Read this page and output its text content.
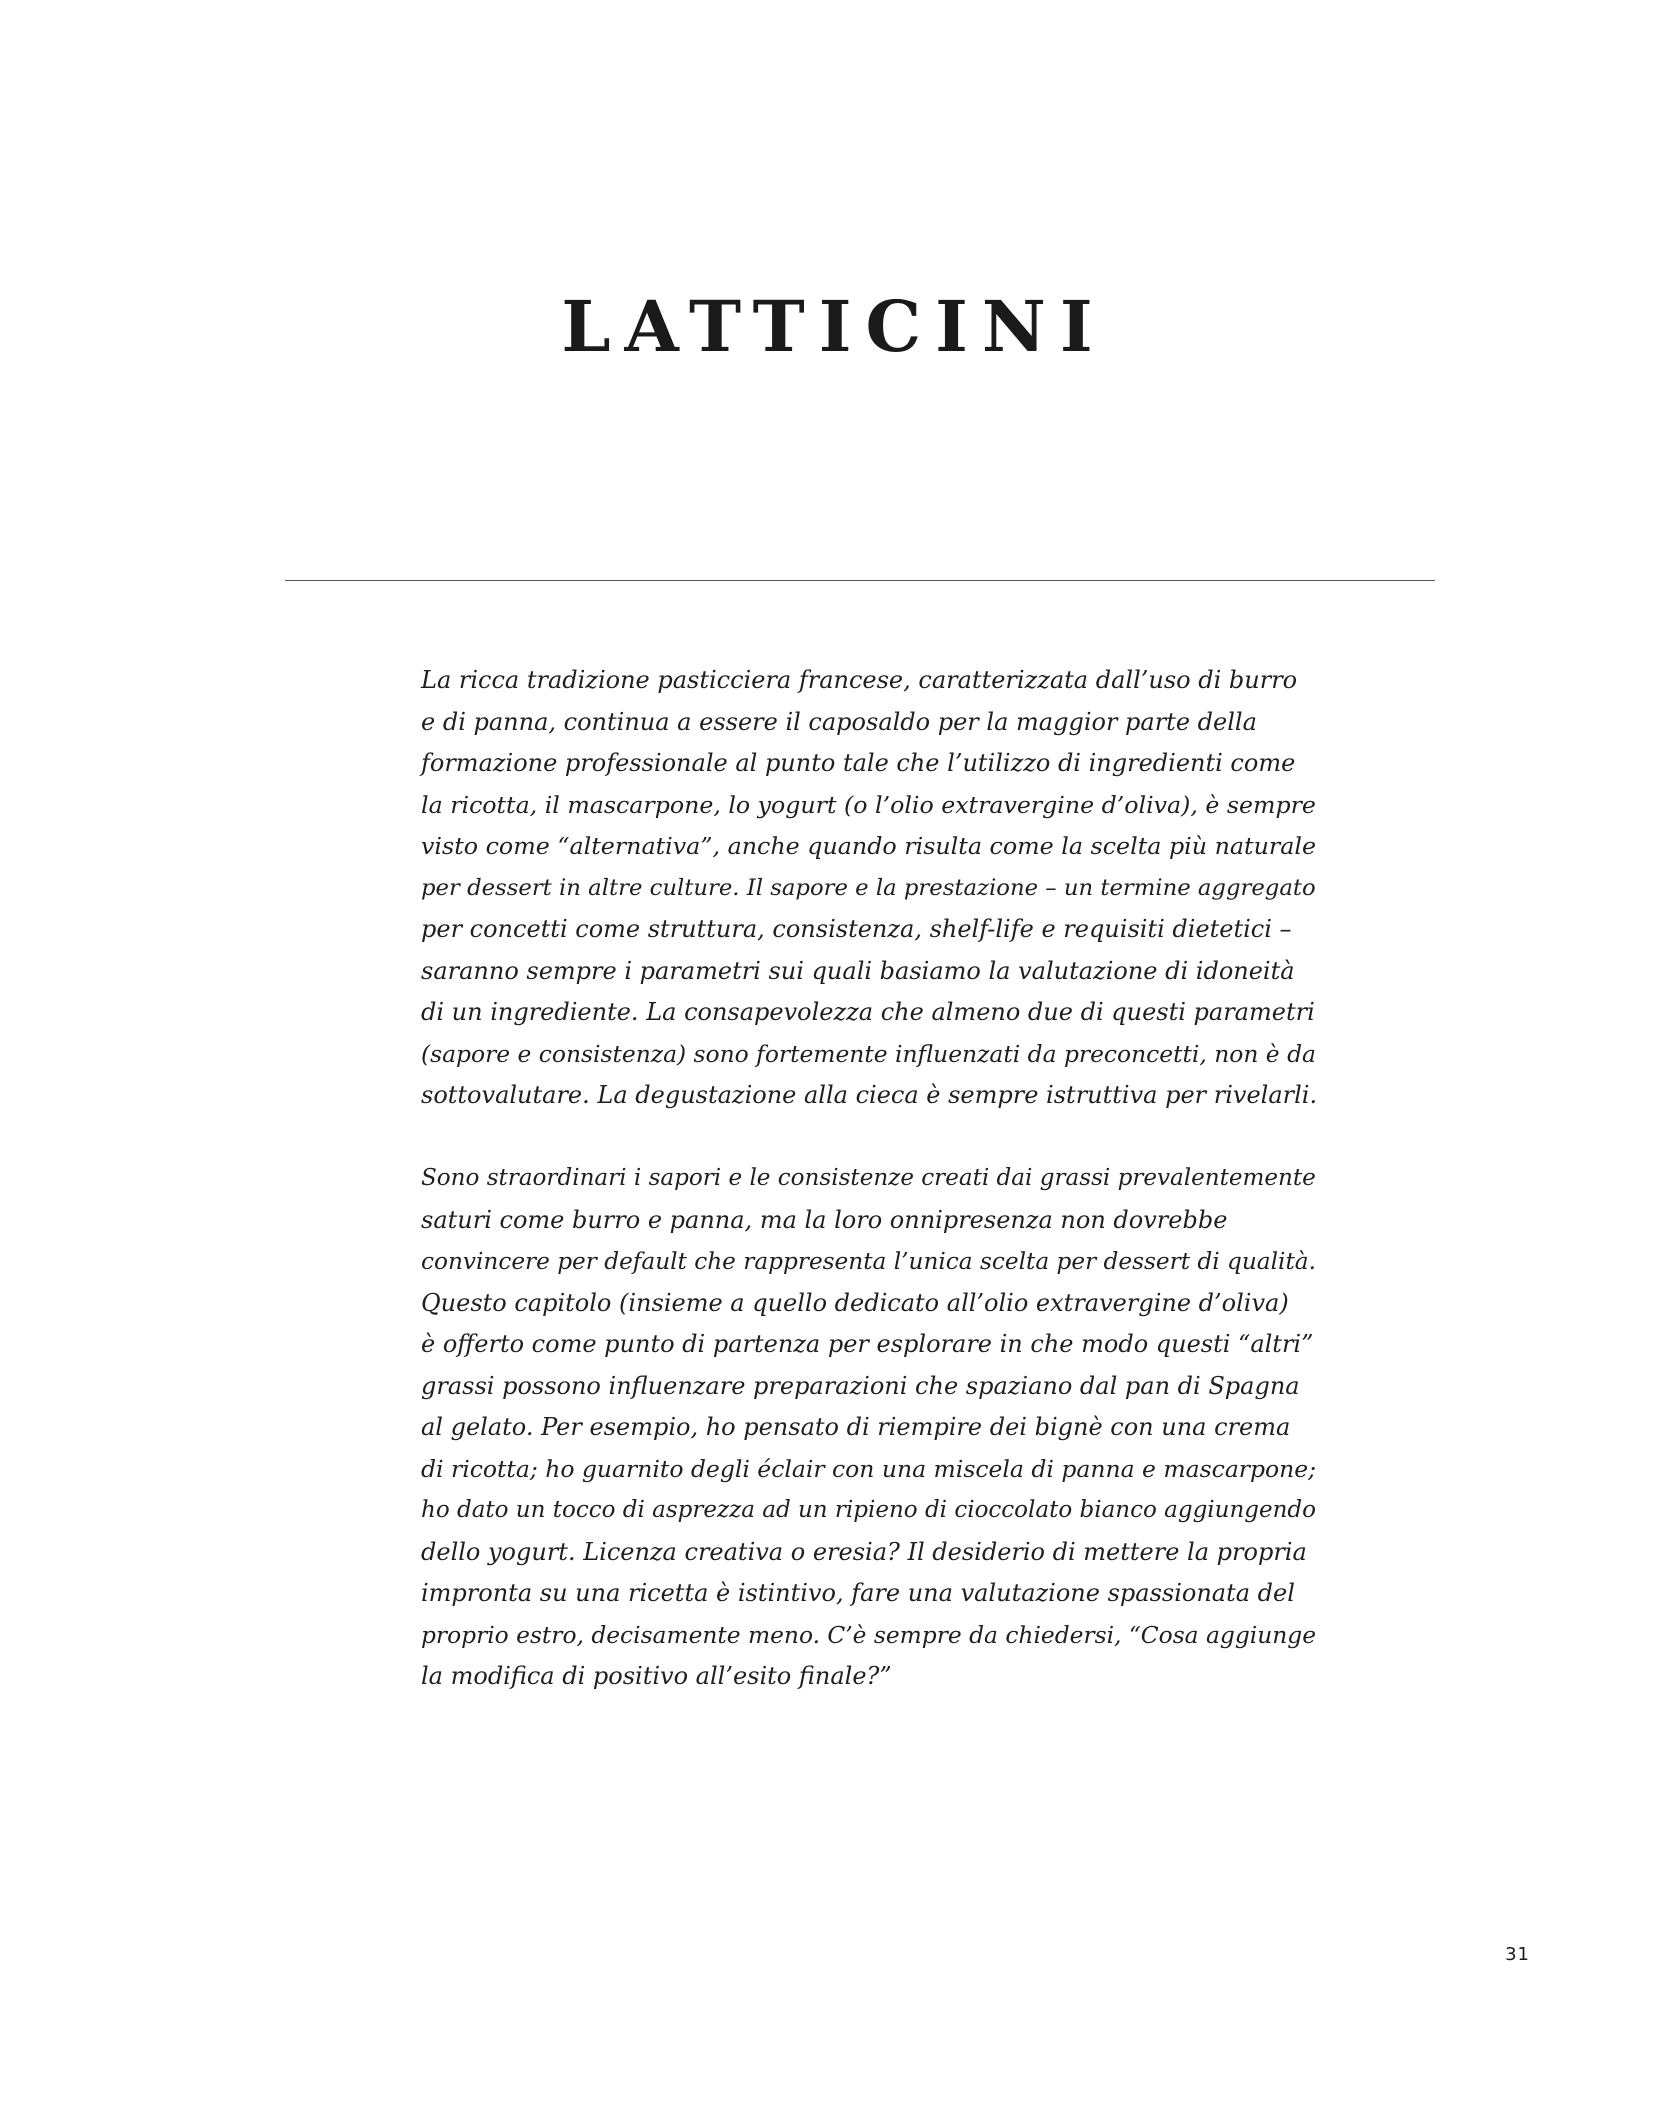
LATTICINI

La ricca tradizione pasticciera francese, caratterizzata dall’uso di burro
e di panna, continua a essere il caposaldo per la maggior parte della
formazione professionale al punto tale che l’utilizzo di ingredienti come
la ricotta, il mascarpone, lo yogurt (o l’olio extravergine d’oliva), è sempre
visto come “alternativa”, anche quando risulta come la scelta più naturale
per dessert in altre culture. Il sapore e la prestazione – un termine aggregato
per concetti come struttura, consistenza, shelf-life e requisiti dietetici –
saranno sempre i parametri sui quali basiamo la valutazione di idoneità
di un ingrediente. La consapevolezza che almeno due di questi parametri
(sapore e consistenza) sono fortemente influenzati da preconcetti, non è da
sottovalutare. La degustazione alla cieca è sempre istruttiva per rivelarli.

Sono straordinari i sapori e le consistenze creati dai grassi prevalentemente
saturi come burro e panna, ma la loro onnipresenza non dovrebbe
convincere per default che rappresenta l’unica scelta per dessert di qualità.
Questo capitolo (insieme a quello dedicato all’olio extravergine d’oliva)
è offerto come punto di partenza per esplorare in che modo questi “altri”
grassi possono influenzare preparazioni che spaziano dal pan di Spagna
al gelato. Per esempio, ho pensato di riempire dei bignè con una crema
di ricotta; ho guarnito degli éclair con una miscela di panna e mascarpone;
ho dato un tocco di asprezza ad un ripieno di cioccolato bianco aggiungendo
dello yogurt. Licenza creativa o eresia? Il desiderio di mettere la propria
impronta su una ricetta è istintivo, fare una valutazione spassionata del
proprio estro, decisamente meno. C’è sempre da chiedersi, “Cosa aggiunge
la modifica di positivo all’esito finale?”

31
